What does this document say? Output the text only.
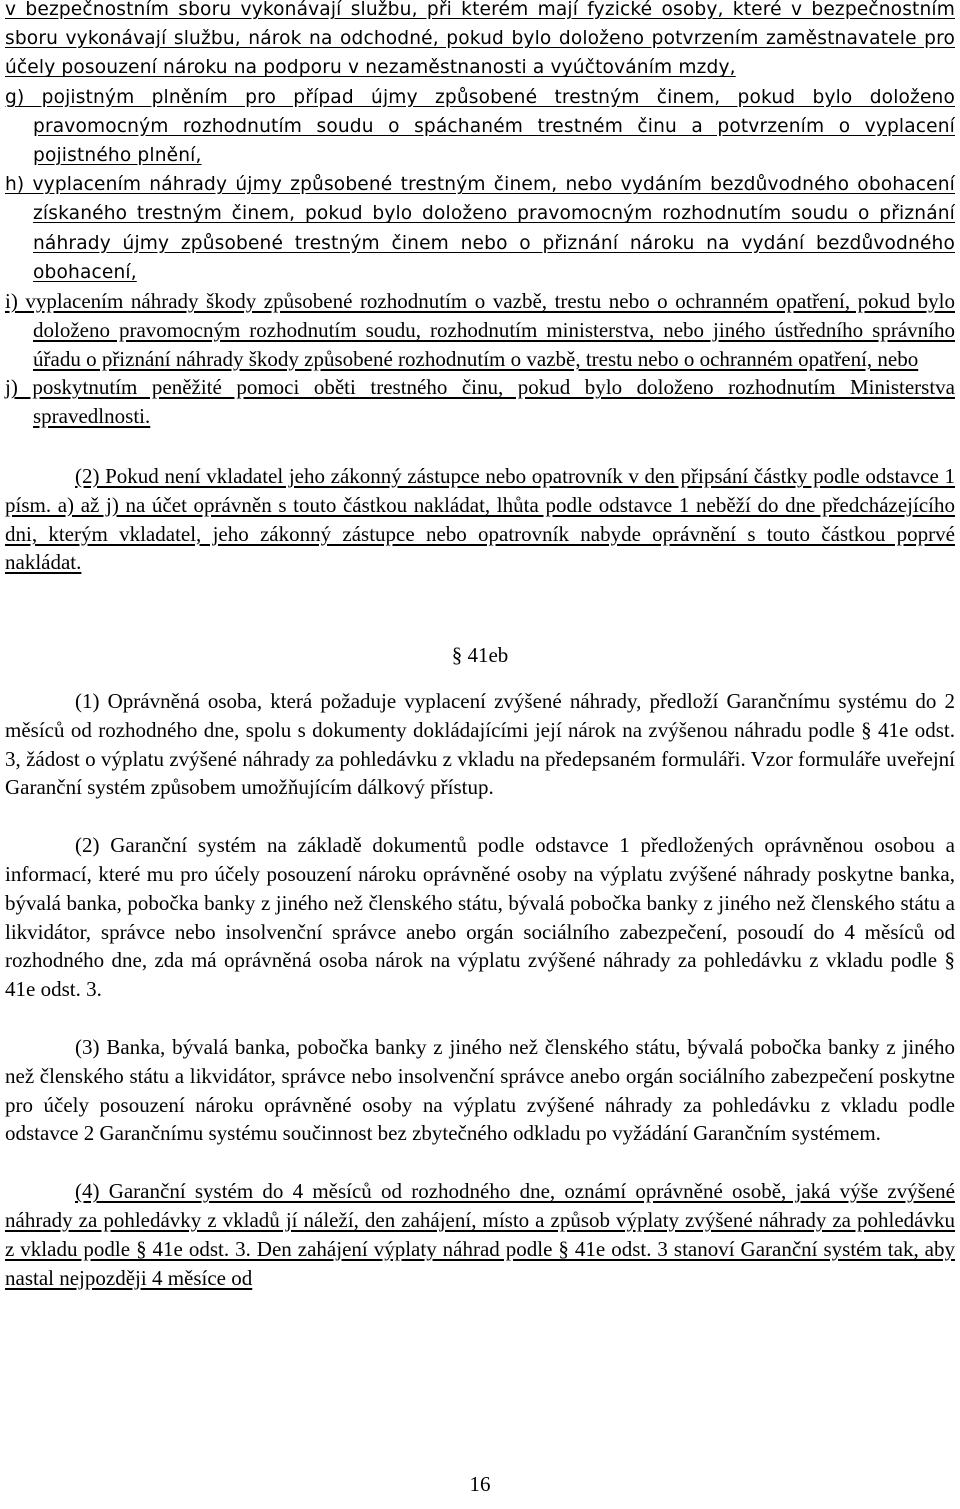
v bezpečnostním sboru vykonávají službu, při kterém mají fyzické osoby, které v bezpečnostním sboru vykonávají službu, nárok na odchodné, pokud bylo doloženo potvrzením zaměstnavatele pro účely posouzení nároku na podporu v nezaměstnanosti a vyúčtováním mzdy,

g) pojistným plněním pro případ újmy způsobené trestným činem, pokud bylo doloženo pravomocným rozhodnutím soudu o spáchaném trestném činu a potvrzením o vyplacení pojistného plnění,

h) vyplacením náhrady újmy způsobené trestným činem, nebo vydáním bezdůvodného obohacení získaného trestným činem, pokud bylo doloženo pravomocným rozhodnutím soudu o přiznání náhrady újmy způsobené trestným činem nebo o přiznání nároku na vydání bezdůvodného obohacení,

i) vyplacením náhrady škody způsobené rozhodnutím o vazbě, trestu nebo o ochranném opatření, pokud bylo doloženo pravomocným rozhodnutím soudu, rozhodnutím ministerstva, nebo jiného ústředního správního úřadu o přiznání náhrady škody způsobené rozhodnutím o vazbě, trestu nebo o ochranném opatření, nebo

j) poskytnutím peněžité pomoci oběti trestného činu, pokud bylo doloženo rozhodnutím Ministerstva spravedlnosti.

(2) Pokud není vkladatel jeho zákonný zástupce nebo opatrovník v den připsání částky podle odstavce 1 písm. a) až j) na účet oprávněn s touto částkou nakládat, lhůta podle odstavce 1 neběží do dne předcházejícího dni, kterým vkladatel, jeho zákonný zástupce nebo opatrovník nabyde oprávnění s touto částkou poprvé nakládat.

§ 41eb

(1) Oprávněná osoba, která požaduje vyplacení zvýšené náhrady, předloží Garančnímu systému do 2 měsíců od rozhodného dne, spolu s dokumenty dokládajícími její nárok na zvýšenou náhradu podle § 41e odst. 3, žádost o výplatu zvýšené náhrady za pohledávku z vkladu na předepsaném formuláři. Vzor formuláře uveřejní Garanční systém způsobem umožňujícím dálkový přístup.

(2) Garanční systém na základě dokumentů podle odstavce 1 předložených oprávněnou osobou a informací, které mu pro účely posouzení nároku oprávněné osoby na výplatu zvýšené náhrady poskytne banka, bývalá banka, pobočka banky z jiného než členského státu, bývalá pobočka banky z jiného než členského státu a likvidátor, správce nebo insolvenční správce anebo orgán sociálního zabezpečení, posoudí do 4 měsíců od rozhodného dne, zda má oprávněná osoba nárok na výplatu zvýšené náhrady za pohledávku z vkladu podle § 41e odst. 3.

(3) Banka, bývalá banka, pobočka banky z jiného než členského státu, bývalá pobočka banky z jiného než členského státu a likvidátor, správce nebo insolvenční správce anebo orgán sociálního zabezpečení poskytne pro účely posouzení nároku oprávněné osoby na výplatu zvýšené náhrady za pohledávku z vkladu podle odstavce 2 Garančnímu systému součinnost bez zbytečného odkladu po vyžádání Garančním systémem.

(4) Garanční systém do 4 měsíců od rozhodného dne, oznámí oprávněné osobě, jaká výše zvýšené náhrady za pohledávky z vkladů jí náleží, den zahájení, místo a způsob výplaty zvýšené náhrady za pohledávku z vkladu podle § 41e odst. 3. Den zahájení výplaty náhrad podle § 41e odst. 3 stanoví Garanční systém tak, aby nastal nejpozději 4 měsíce od

16
